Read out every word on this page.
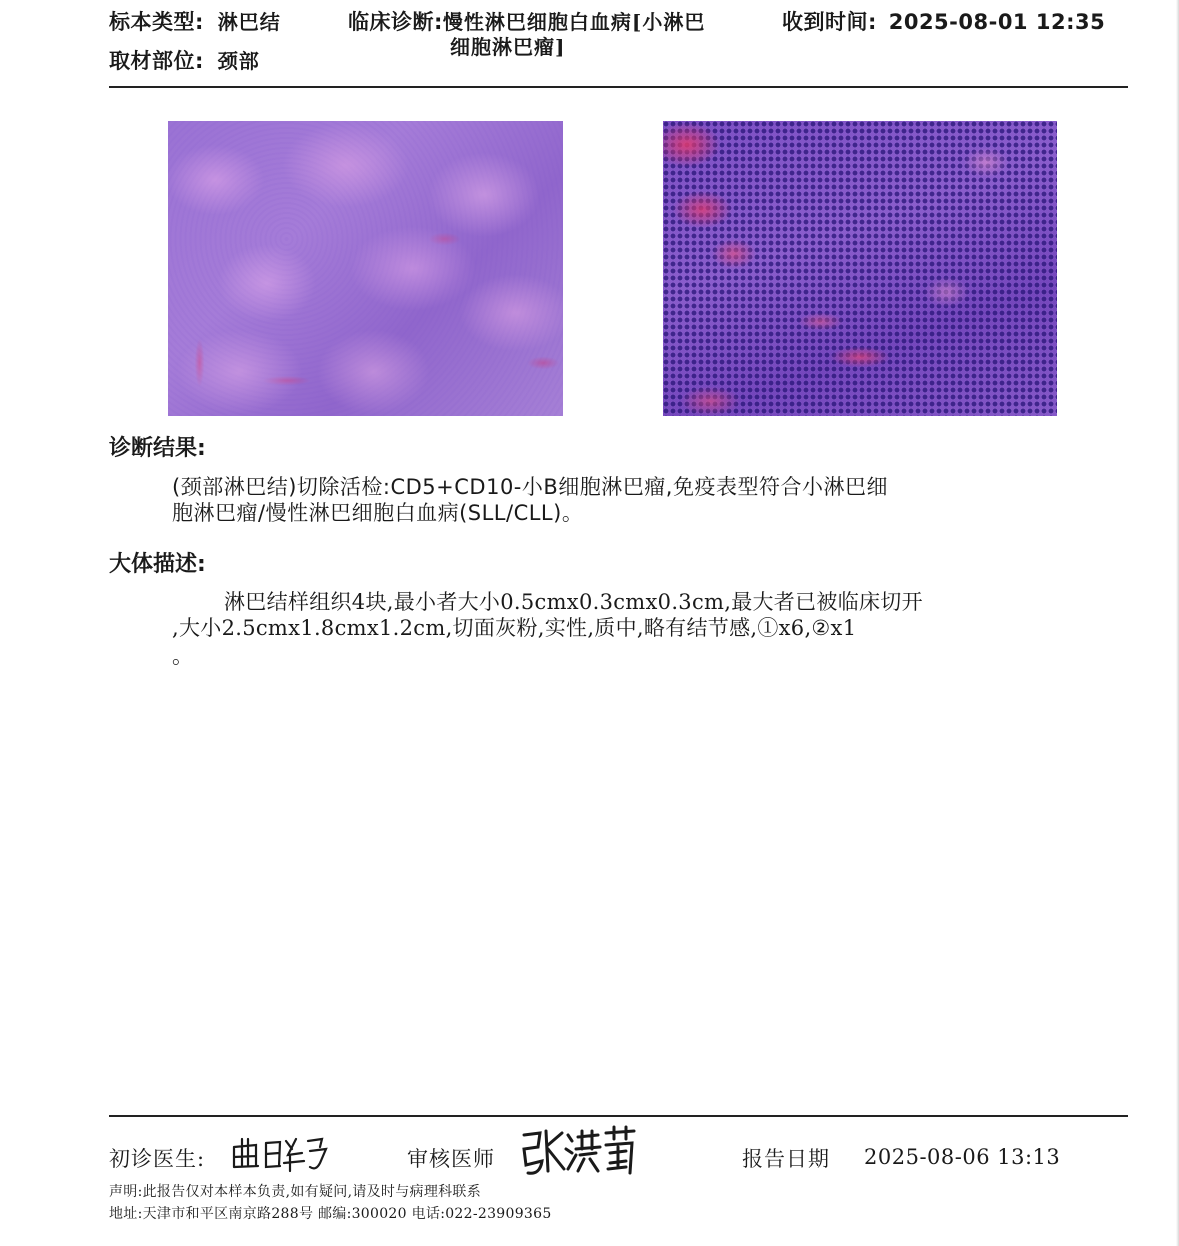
标本类型: 淋巴结	临床诊断:慢性淋巴细胞白血病[小淋巴
细胞淋巴瘤]
收到时间: 2025-08-01 12:35
取材部位: 颈部
诊断结果:
(颈部淋巴结)切除活检:CD5+CD10-小B细胞淋巴瘤,免疫表型符合小淋巴细
胞淋巴瘤/慢性淋巴细胞白血病(SLL/CLL)。
大体描述:
淋巴结样组织4块,最小者大小0.5cmx0.3cmx0.3cm,最大者已被临床切开
,大小2.5cmx1.8cmx1.2cm,切面灰粉,实性,质中,略有结节感,①x6,②x1
。
初诊医生:	审核医师	报告日期 2025-08-06 13:13
声明:此报告仅对本样本负责,如有疑问,请及时与病理科联系
地址:天津市和平区南京路288号 邮编:300020 电话:022-23909365
